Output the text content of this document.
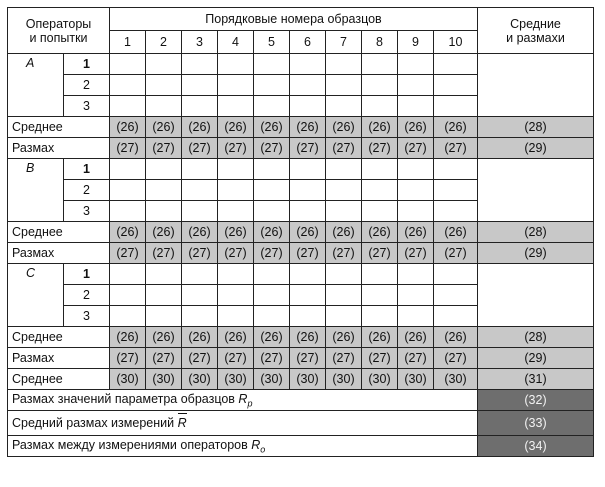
Операторы
и попытки		Порядковые номера образцов										Средние
и размахи
		1	2	3	4	5	6	7	8	9	10	
A	1											
	2											
	3											
Среднее		(26)	(26)	(26)	(26)	(26)	(26)	(26)	(26)	(26)	(26)	(28)
Размах		(27)	(27)	(27)	(27)	(27)	(27)	(27)	(27)	(27)	(27)	(29)
B	1											
	2											
	3											
Среднее		(26)	(26)	(26)	(26)	(26)	(26)	(26)	(26)	(26)	(26)	(28)
Размах		(27)	(27)	(27)	(27)	(27)	(27)	(27)	(27)	(27)	(27)	(29)
C	1											
	2											
	3											
Среднее		(26)	(26)	(26)	(26)	(26)	(26)	(26)	(26)	(26)	(26)	(28)
Размах		(27)	(27)	(27)	(27)	(27)	(27)	(27)	(27)	(27)	(27)	(29)
Среднее		(30)	(30)	(30)	(30)	(30)	(30)	(30)	(30)	(30)	(30)	(31)
Размах значений параметра образцов $R_p$												(32)
Средний размах измерений R												(33)
Размах между измерениями операторов $R_o$												(34)
